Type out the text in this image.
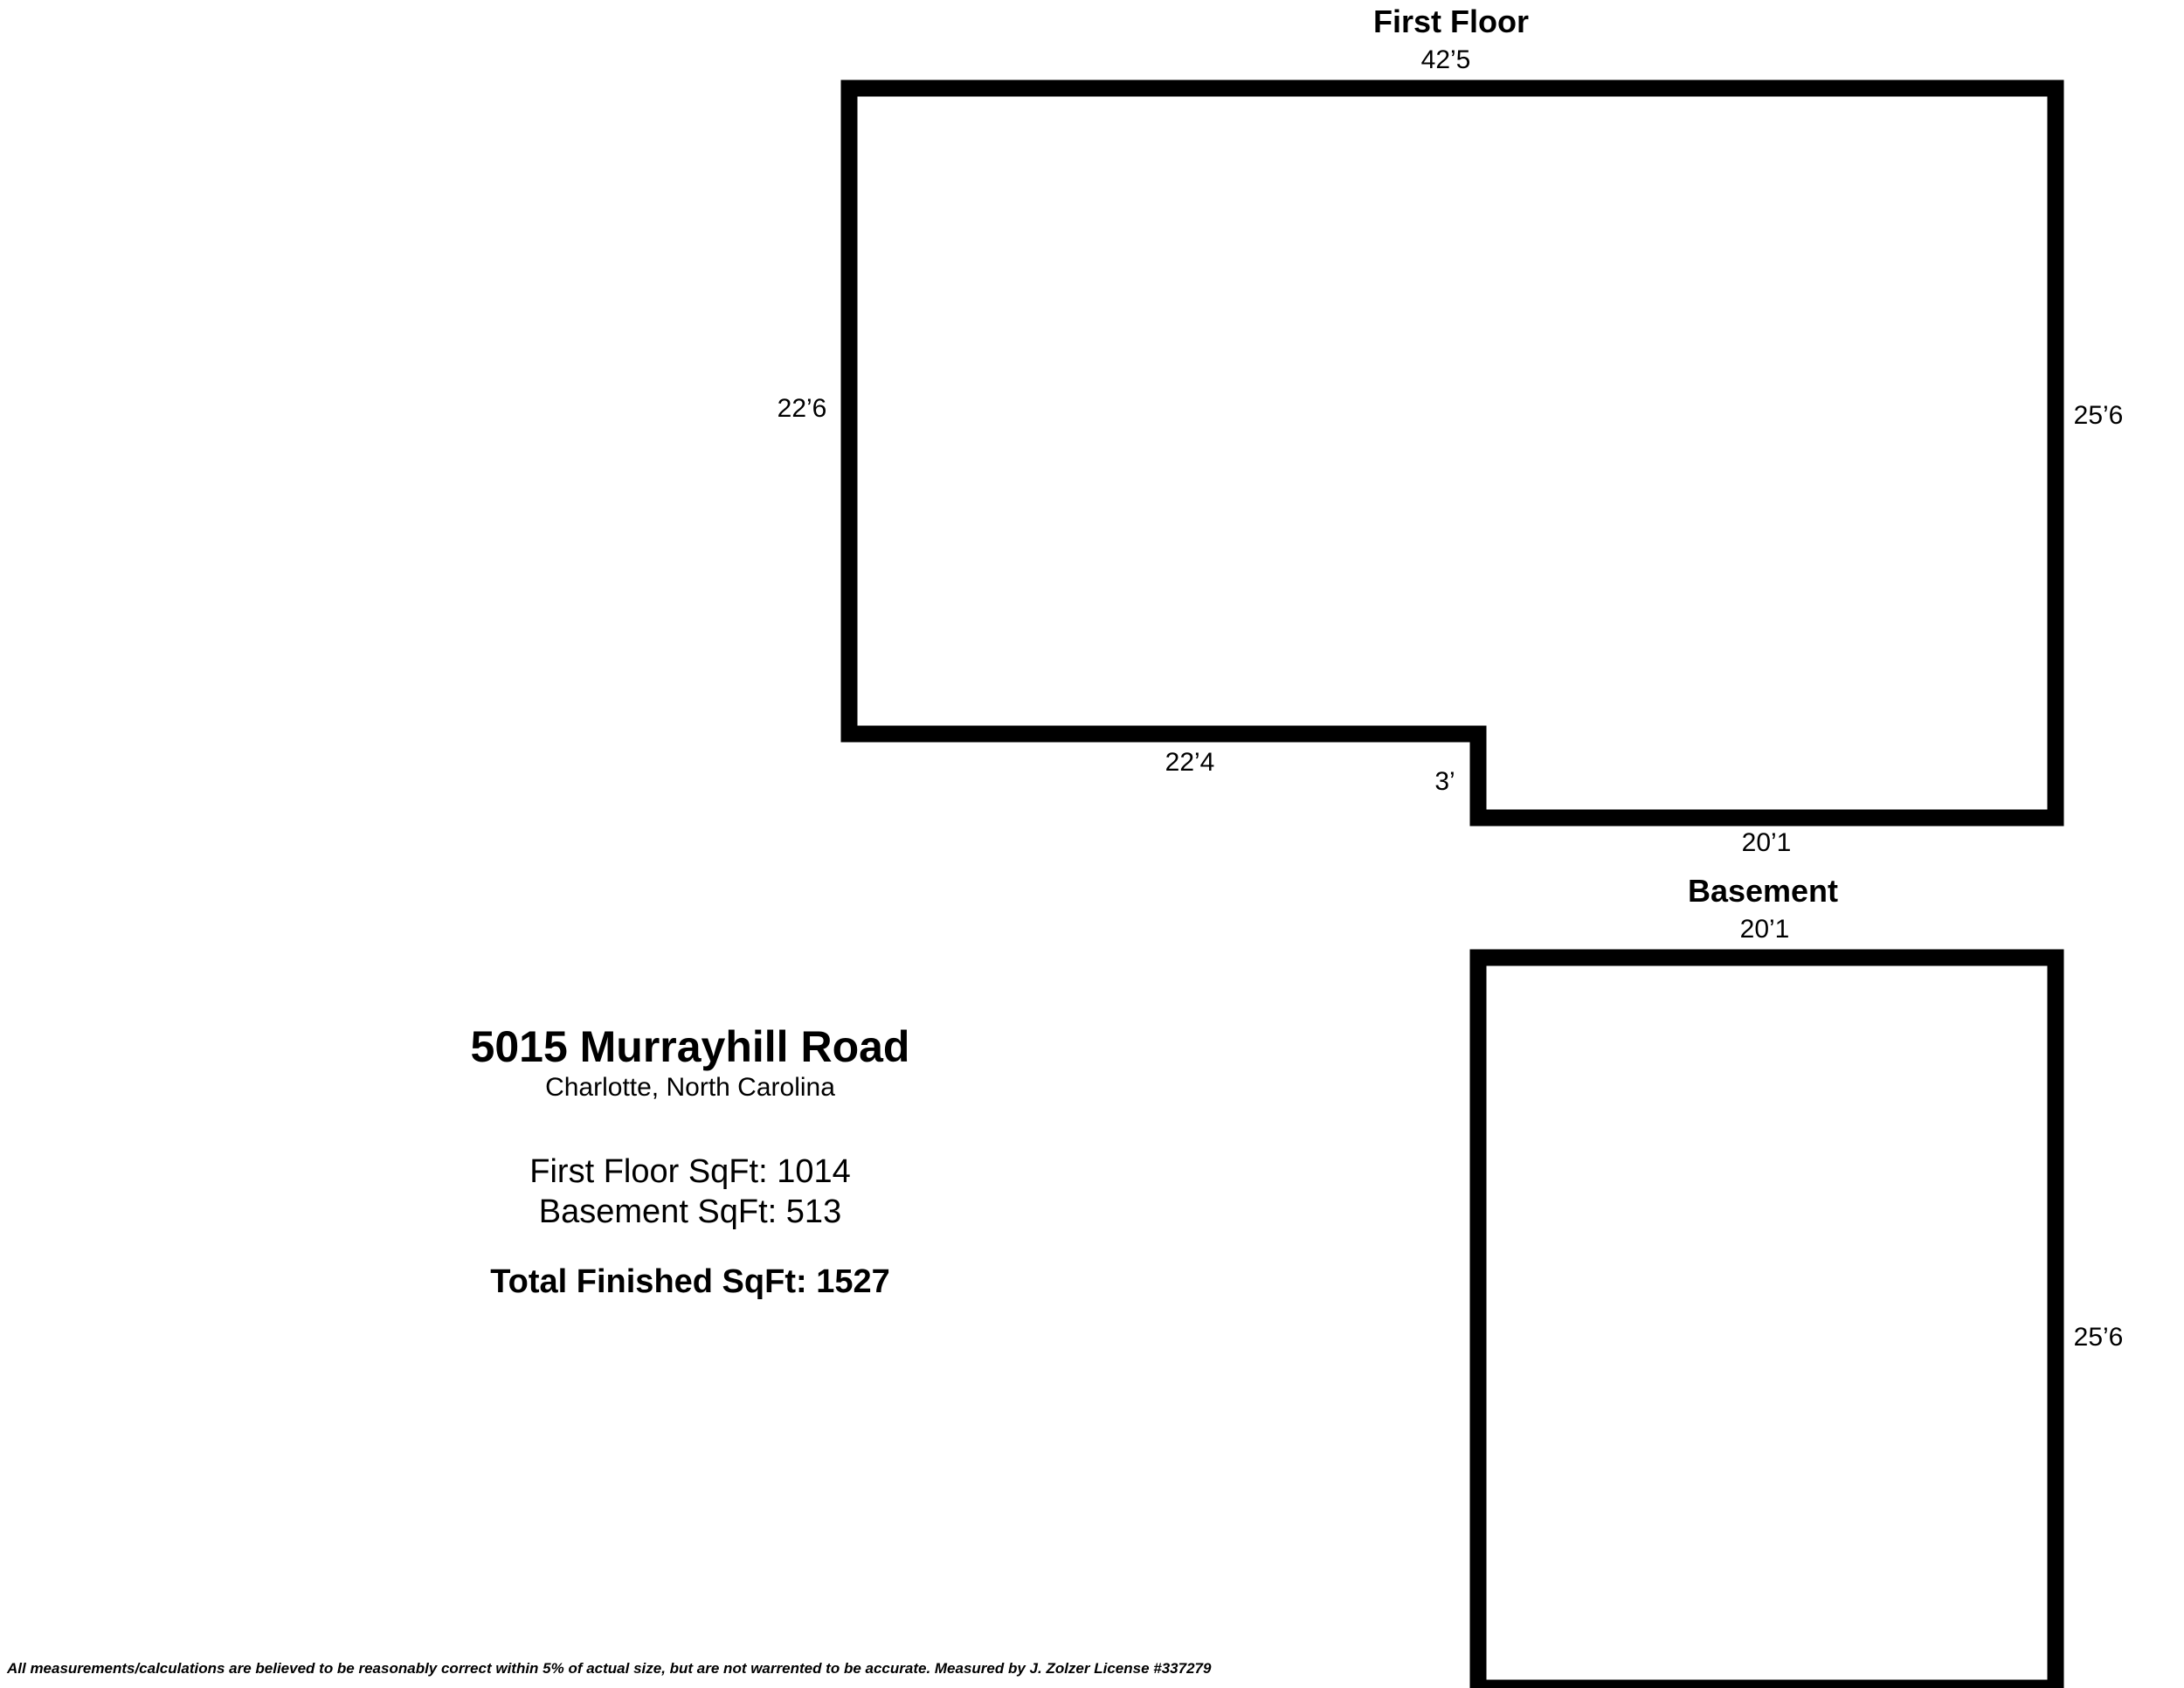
First Floor
42’5
22’6	25’6
22’4
3’
20’1
Basement
20’1
25’6
5015 Murrayhill Road
Charlotte, North Carolina
First Floor SqFt: 1014
Basement SqFt: 513
Total Finished SqFt: 1527
All measurements/calculations are believed to be reasonably correct within 5% of actual size, but are not warrented to be accurate. Measured by J. Zolzer License #337279
